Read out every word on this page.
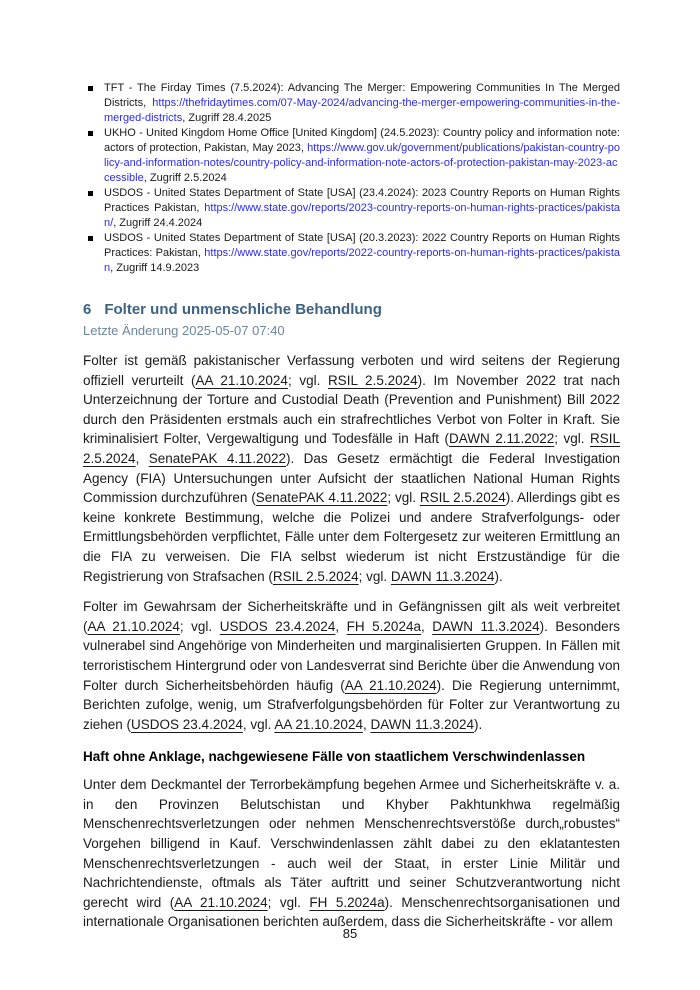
TFT - The Firday Times (7.5.2024): Advancing The Merger: Empowering Communities In The Merged Districts, https://thefridaytimes.com/07-May-2024/advancing-the-merger-empowering-communities-in-the-merged-districts, Zugriff 28.4.2025
UKHO - United Kingdom Home Office [United Kingdom] (24.5.2023): Country policy and information note: actors of protection, Pakistan, May 2023, https://www.gov.uk/government/publications/pakistan-country-policy-and-information-notes/country-policy-and-information-note-actors-of-protection-pakistan-may-2023-accessible, Zugriff 2.5.2024
USDOS - United States Department of State [USA] (23.4.2024): 2023 Country Reports on Human Rights Practices Pakistan, https://www.state.gov/reports/2023-country-reports-on-human-rights-practices/pakistan/, Zugriff 24.4.2024
USDOS - United States Department of State [USA] (20.3.2023): 2022 Country Reports on Human Rights Practices: Pakistan, https://www.state.gov/reports/2022-country-reports-on-human-rights-practices/pakistan, Zugriff 14.9.2023
6 Folter und unmenschliche Behandlung
Letzte Änderung 2025-05-07 07:40

Folter ist gemäß pakistanischer Verfassung verboten und wird seitens der Regierung offiziell verurteilt (AA 21.10.2024; vgl. RSIL 2.5.2024). Im November 2022 trat nach Unterzeichnung der Torture and Custodial Death (Prevention and Punishment) Bill 2022 durch den Präsidenten erstmals auch ein strafrechtliches Verbot von Folter in Kraft. Sie kriminalisiert Folter, Vergewaltigung und Todesfälle in Haft (DAWN 2.11.2022; vgl. RSIL 2.5.2024, SenatePAK 4.11.2022). Das Gesetz ermächtigt die Federal Investigation Agency (FIA) Untersuchungen unter Aufsicht der staatlichen National Human Rights Commission durchzuführen (SenatePAK 4.11.2022; vgl. RSIL 2.5.2024). Allerdings gibt es keine konkrete Bestimmung, welche die Polizei und andere Strafverfolgungs- oder Ermittlungsbehörden verpflichtet, Fälle unter dem Foltergesetz zur weiteren Ermittlung an die FIA zu verweisen. Die FIA selbst wiederum ist nicht Erstzuständige für die Registrierung von Strafsachen (RSIL 2.5.2024; vgl. DAWN 11.3.2024).

Folter im Gewahrsam der Sicherheitskräfte und in Gefängnissen gilt als weit verbreitet (AA 21.10.2024; vgl. USDOS 23.4.2024, FH 5.2024a, DAWN 11.3.2024). Besonders vulnerabel sind Angehörige von Minderheiten und marginalisierten Gruppen. In Fällen mit terroristischem Hintergrund oder von Landesverrat sind Berichte über die Anwendung von Folter durch Sicherheitsbehörden häufig (AA 21.10.2024). Die Regierung unternimmt, Berichten zufolge, wenig, um Strafverfolgungsbehörden für Folter zur Verantwortung zu ziehen (USDOS 23.4.2024, vgl. AA 21.10.2024, DAWN 11.3.2024).

Haft ohne Anklage, nachgewiesene Fälle von staatlichem Verschwindenlassen

Unter dem Deckmantel der Terrorbekämpfung begehen Armee und Sicherheitskräfte v. a. in den Provinzen Belutschistan und Khyber Pakhtunkhwa regelmäßig Menschenrechtsverletzungen oder nehmen Menschenrechtsverstöße durch„robustes“ Vorgehen billigend in Kauf. Verschwindenlassen zählt dabei zu den eklatantesten Menschenrechtsverletzungen - auch weil der Staat, in erster Linie Militär und Nachrichtendienste, oftmals als Täter auftritt und seiner Schutzverantwortung nicht gerecht wird (AA 21.10.2024; vgl. FH 5.2024a). Menschenrechtsorganisationen und internationale Organisationen berichten außerdem, dass die Sicherheitskräfte - vor allem

85
